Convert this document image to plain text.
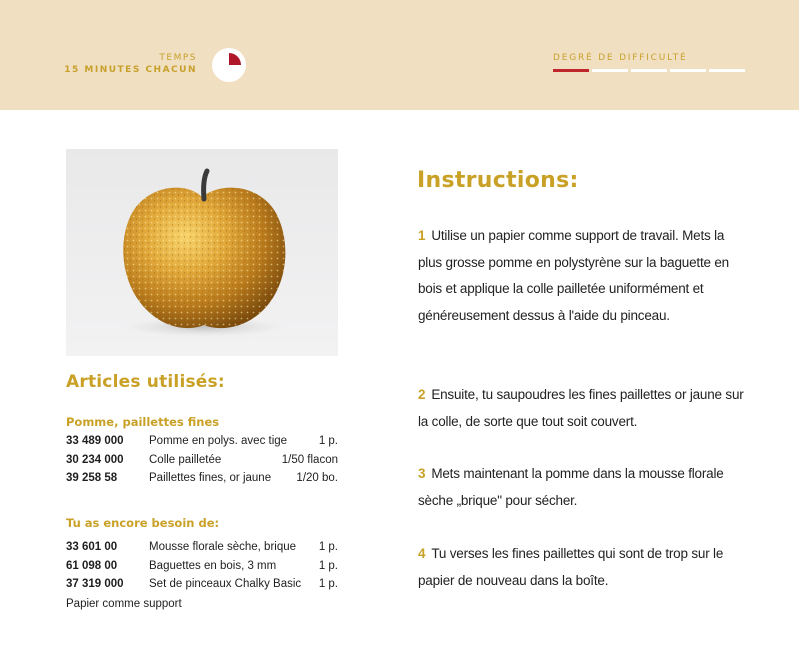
TEMPS
15 MINUTES CHACUN
DEGRÉ DE DIFFICULTÉ
Articles utilisés:
Pomme, paillettes fines
33 489 000	Pomme en polys. avec tige	1 p.
30 234 000	Colle pailletée	1/50 flacon
39 258 58	Paillettes fines, or jaune	1/20 bo.
Tu as encore besoin de:
33 601 00	Mousse florale sèche, brique	1 p.
61 098 00	Baguettes en bois, 3 mm	1 p.
37 319 000	Set de pinceaux Chalky Basic	1 p.
Papier comme support
Instructions:
1 Utilise un papier comme support de travail. Mets la plus grosse pomme en polystyrène sur la baguette en bois et applique la colle pailletée uniformément et généreusement dessus à l'aide du pinceau.
2 Ensuite, tu saupoudres les fines paillettes or jaune sur la colle, de sorte que tout soit couvert.
3 Mets maintenant la pomme dans la mousse florale sèche „brique" pour sécher.
4 Tu verses les fines paillettes qui sont de trop sur le papier de nouveau dans la boîte.
